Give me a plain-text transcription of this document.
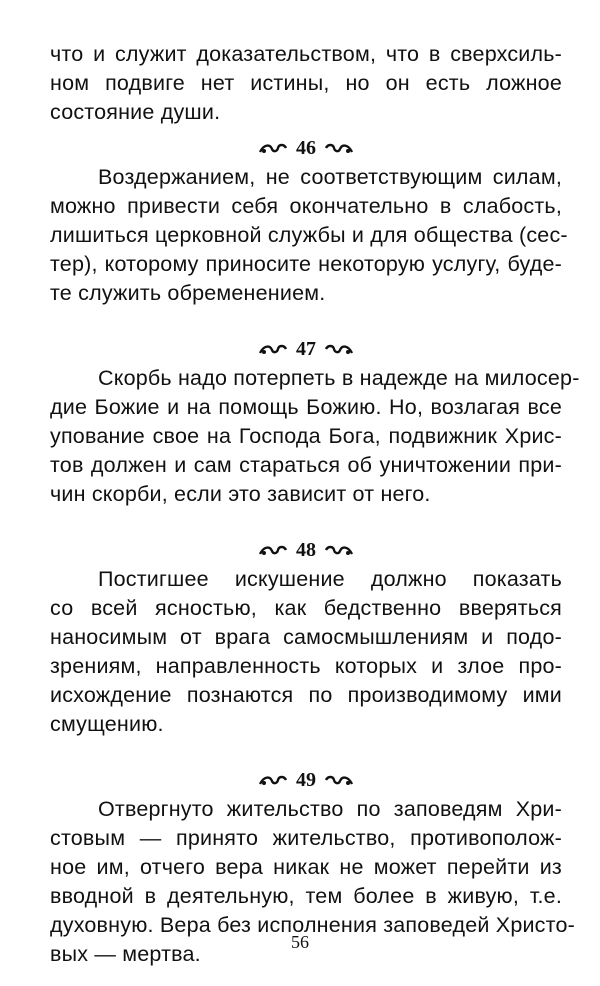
что и служит доказательством, что в сверхсиль-
ном подвиге нет истины, но он есть ложное
состояние души.
46
Воздержанием, не соответствующим силам,
можно привести себя окончательно в слабость,
лишиться церковной службы и для общества (сес-
тер), которому приносите некоторую услугу, буде-
те служить обременением.
47
Скорбь надо потерпеть в надежде на милосер-
дие Божие и на помощь Божию. Но, возлагая все
упование свое на Господа Бога, подвижник Хрис-
тов должен и сам стараться об уничтожении при-
чин скорби, если это зависит от него.
48
Постигшее искушение должно показать
со всей ясностью, как бедственно вверяться
наносимым от врага самосмышлениям и подо-
зрениям, направленность которых и злое про-
исхождение познаются по производимому ими
смущению.
49
Отвергнуто жительство по заповедям Хри-
стовым — принято жительство, противополож-
ное им, отчего вера никак не может перейти из
вводной в деятельную, тем более в живую, т.е.
духовную. Вера без исполнения заповедей Христо-
вых — мертва.	56
